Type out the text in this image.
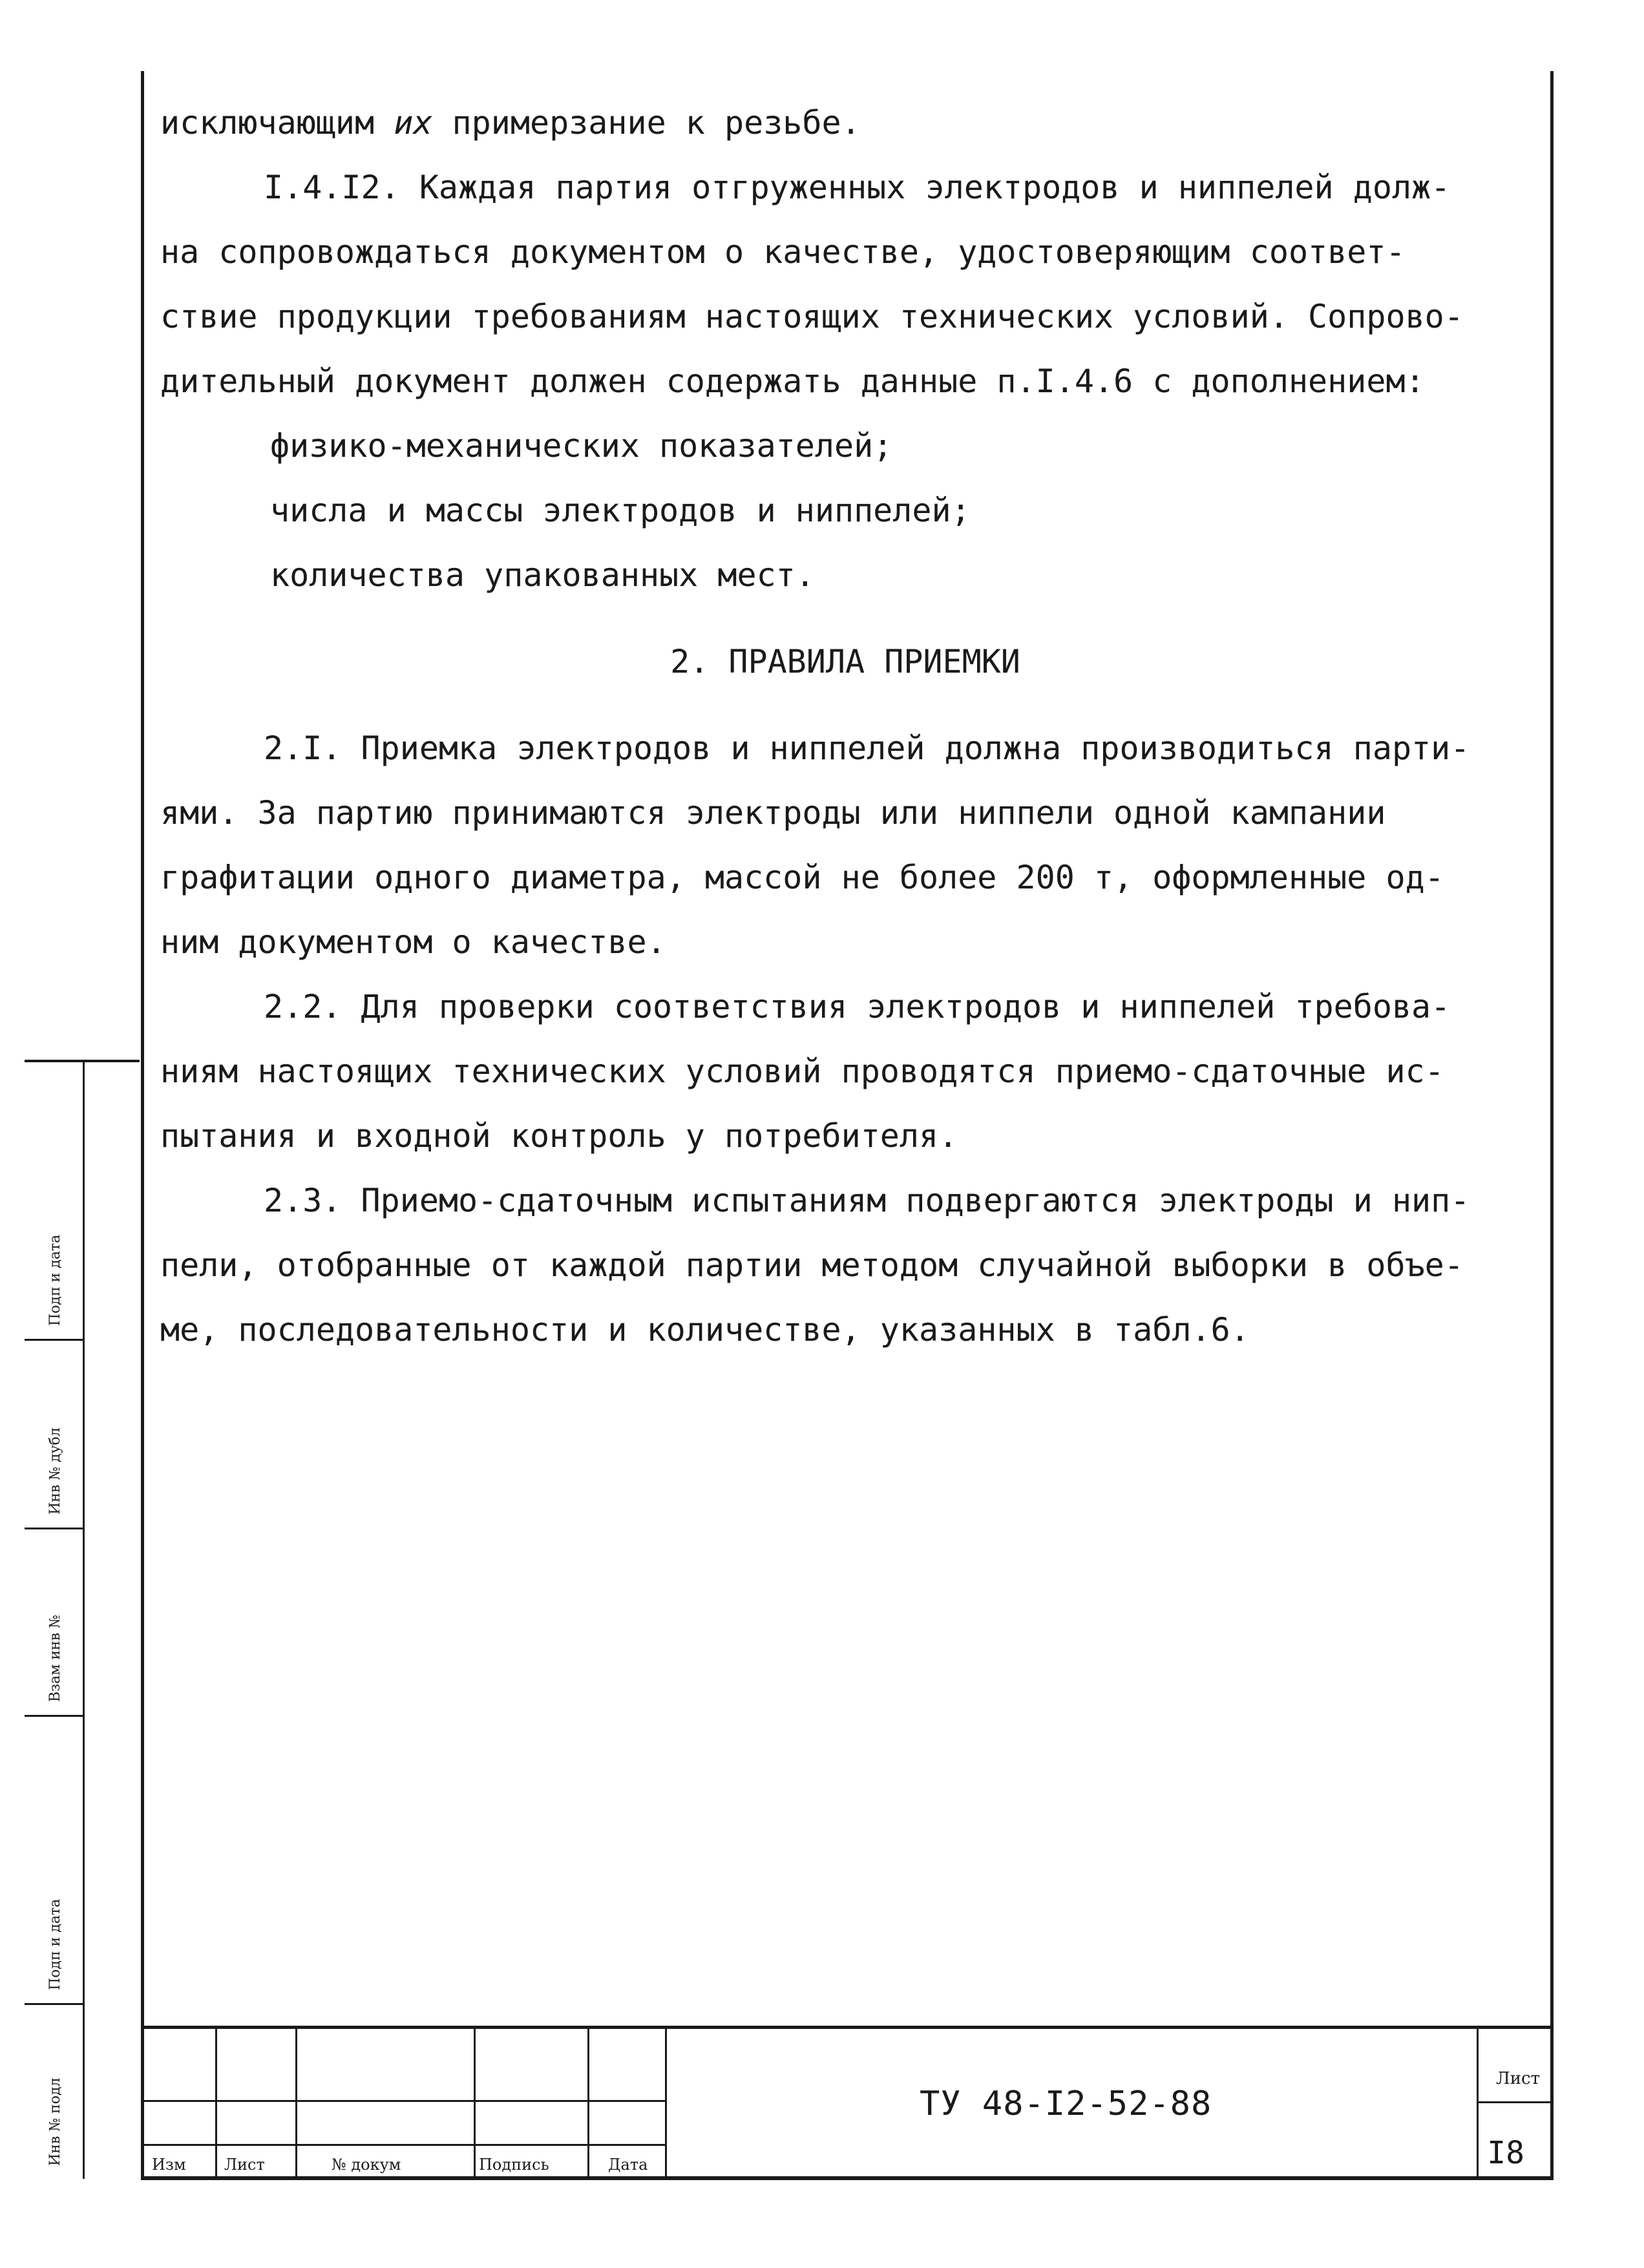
исключающим их примерзание к резьбе.

I.4.I2. Каждая партия отгруженных электродов и ниппелей долж-

на сопровождаться документом о качестве, удостоверяющим соответ-

ствие продукции требованиям настоящих технических условий. Сопрово-

дительный документ должен содержать данные п.I.4.6 с дополнением:

физико-механических показателей;

числа и массы электродов и ниппелей;

количества упакованных мест.

2. ПРАВИЛА ПРИЕМКИ

2.I. Приемка электродов и ниппелей должна производиться парти-

ями. За партию принимаются электроды или ниппели одной кампании

графитации одного диаметра, массой не более 200 т, оформленные од-

ним документом о качестве.

2.2. Для проверки соответствия электродов и ниппелей требова-

ниям настоящих технических условий проводятся приемо-сдаточные ис-

пытания и входной контроль у потребителя.

2.3. Приемо-сдаточным испытаниям подвергаются электроды и нип-

пели, отобранные от каждой партии методом случайной выборки в объе-

ме, последовательности и количестве, указанных в табл.6.

Подп и дата
Инв № дубл
Взам инв №
Подп и дата
Инв № подл	Изм Лист	№ докум	Подпись	Дата
ТУ 48-I2-52-88
Лист
I8
